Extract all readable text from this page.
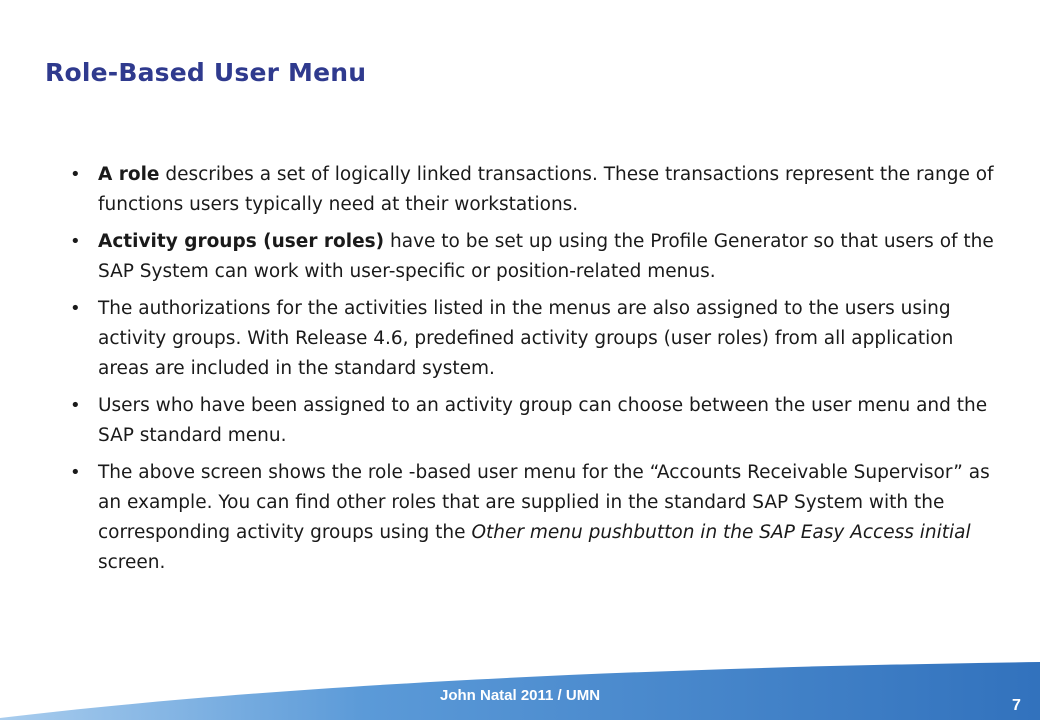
Role-Based User Menu
• A role describes a set of logically linked transactions. These transactions represent the range of functions users typically need at their workstations.
• Activity groups (user roles) have to be set up using the Profile Generator so that users of the SAP System can work with user-specific or position-related menus.
• The authorizations for the activities listed in the menus are also assigned to the users using activity groups. With Release 4.6, predefined activity groups (user roles) from all application areas are included in the standard system.
• Users who have been assigned to an activity group can choose between the user menu and the SAP standard menu.
• The above screen shows the role -based user menu for the “Accounts Receivable Supervisor” as an example. You can find other roles that are supplied in the standard SAP System with the corresponding activity groups using the Other menu pushbutton in the SAP Easy Access initial screen.
John Natal 2011 / UMN
7
